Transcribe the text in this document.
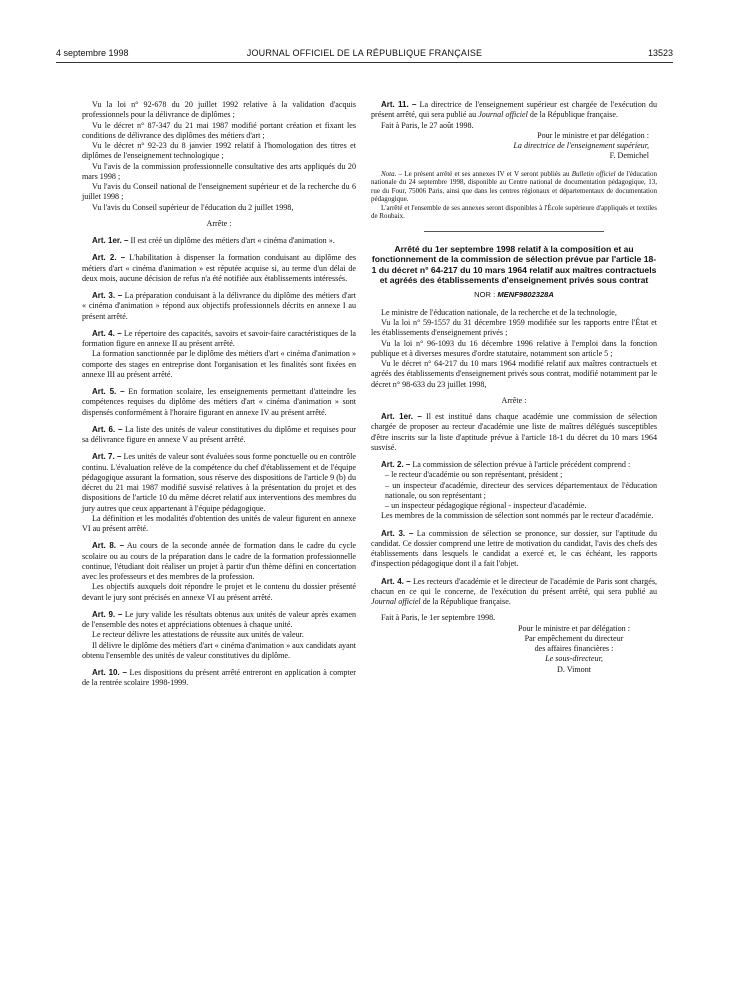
4 septembre 1998	JOURNAL OFFICIEL DE LA RÉPUBLIQUE FRANÇAISE	13523

Vu la loi n° 92-678 du 20 juillet 1992 relative à la validation d'acquis professionnels pour la délivrance de diplômes ;

Vu le décret n° 87-347 du 21 mai 1987 modifié portant création et fixant les conditions de délivrance des diplômes des métiers d'art ;

Vu le décret n° 92-23 du 8 janvier 1992 relatif à l'homologation des titres et diplômes de l'enseignement technologique ;

Vu l'avis de la commission professionnelle consultative des arts appliqués du 20 mars 1998 ;

Vu l'avis du Conseil national de l'enseignement supérieur et de la recherche du 6 juillet 1998 ;

Vu l'avis du Conseil supérieur de l'éducation du 2 juillet 1998,

Arrête :

Art. 1er. – Il est créé un diplôme des métiers d'art « cinéma d'animation ».

Art. 2. – L'habilitation à dispenser la formation conduisant au diplôme des métiers d'art « cinéma d'animation » est réputée acquise si, au terme d'un délai de deux mois, aucune décision de refus n'a été notifiée aux établissements intéressés.

Art. 3. – La préparation conduisant à la délivrance du diplôme des métiers d'art « cinéma d'animation » répond aux objectifs professionnels décrits en annexe I au présent arrêté.

Art. 4. – Le répertoire des capacités, savoirs et savoir-faire caractéristiques de la formation figure en annexe II au présent arrêté.

La formation sanctionnée par le diplôme des métiers d'art « cinéma d'animation » comporte des stages en entreprise dont l'organisation et les finalités sont fixées en annexe III au présent arrêté.

Art. 5. – En formation scolaire, les enseignements permettant d'atteindre les compétences requises du diplôme des métiers d'art « cinéma d'animation » sont dispensés conformément à l'horaire figurant en annexe IV au présent arrêté.

Art. 6. – La liste des unités de valeur constitutives du diplôme et requises pour sa délivrance figure en annexe V au présent arrêté.

Art. 7. – Les unités de valeur sont évaluées sous forme ponctuelle ou en contrôle continu. L'évaluation relève de la compétence du chef d'établissement et de l'équipe pédagogique assurant la formation, sous réserve des dispositions de l'article 9 (b) du décret du 21 mai 1987 modifié susvisé relatives à la présentation du projet et des dispositions de l'article 10 du même décret relatif aux interventions des membres du jury autres que ceux appartenant à l'équipe pédagogique.

La définition et les modalités d'obtention des unités de valeur figurent en annexe VI au présent arrêté.

Art. 8. – Au cours de la seconde année de formation dans le cadre du cycle scolaire ou au cours de la préparation dans le cadre de la formation professionnelle continue, l'étudiant doit réaliser un projet à partir d'un thème défini en concertation avec les professeurs et des membres de la profession.

Les objectifs auxquels doit répondre le projet et le contenu du dossier présenté devant le jury sont précisés en annexe VI au présent arrêté.

Art. 9. – Le jury valide les résultats obtenus aux unités de valeur après examen de l'ensemble des notes et appréciations obtenues à chaque unité.

Le recteur délivre les attestations de réussite aux unités de valeur.

Il délivre le diplôme des métiers d'art « cinéma d'animation » aux candidats ayant obtenu l'ensemble des unités de valeur constitutives du diplôme.

Art. 10. – Les dispositions du présent arrêté entreront en application à compter de la rentrée scolaire 1998-1999.

Art. 11. – La directrice de l'enseignement supérieur est chargée de l'exécution du présent arrêté, qui sera publié au Journal officiel de la République française.

Fait à Paris, le 27 août 1998.

Pour le ministre et par délégation :

La directrice de l'enseignement supérieur,

F. Demichel

Nota. – Le présent arrêté et ses annexes IV et V seront publiés au Bulletin officiel de l'éducation nationale du 24 septembre 1998, disponible au Centre national de documentation pédagogique, 13, rue du Four, 75006 Paris, ainsi que dans les centres régionaux et départementaux de documentation pédagogique.

L'arrêté et l'ensemble de ses annexes seront disponibles à l'École supérieure d'appliqués et textiles de Roubaix.

Arrêté du 1er septembre 1998 relatif à la composition et au fonctionnement de la commission de sélection prévue par l'article 18-1 du décret n° 64-217 du 10 mars 1964 relatif aux maîtres contractuels et agréés des établissements d'enseignement privés sous contrat

NOR : MENF9802328A

Le ministre de l'éducation nationale, de la recherche et de la technologie,

Vu la loi n° 59-1557 du 31 décembre 1959 modifiée sur les rapports entre l'État et les établissements d'enseignement privés ;

Vu la loi n° 96-1093 du 16 décembre 1996 relative à l'emploi dans la fonction publique et à diverses mesures d'ordre statutaire, notamment son article 5 ;

Vu le décret n° 64-217 du 10 mars 1964 modifié relatif aux maîtres contractuels et agréés des établissements d'enseignement privés sous contrat, modifié notamment par le décret n° 98-633 du 23 juillet 1998,

Arrête :

Art. 1er. – Il est institué dans chaque académie une commission de sélection chargée de proposer au recteur d'académie une liste de maîtres délégués susceptibles d'être inscrits sur la liste d'aptitude prévue à l'article 18-1 du décret du 10 mars 1964 susvisé.

Art. 2. – La commission de sélection prévue à l'article précédent comprend :

– le recteur d'académie ou son représentant, président ;

– un inspecteur d'académie, directeur des services départementaux de l'éducation nationale, ou son représentant ;

– un inspecteur pédagogique régional - inspecteur d'académie.

Les membres de la commission de sélection sont nommés par le recteur d'académie.

Art. 3. – La commission de sélection se prononce, sur dossier, sur l'aptitude du candidat. Ce dossier comprend une lettre de motivation du candidat, l'avis des chefs des établissements dans lesquels le candidat a exercé et, le cas échéant, les rapports d'inspection pédagogique dont il a fait l'objet.

Art. 4. – Les recteurs d'académie et le directeur de l'académie de Paris sont chargés, chacun en ce qui le concerne, de l'exécution du présent arrêté, qui sera publié au Journal officiel de la République française.

Fait à Paris, le 1er septembre 1998.

Pour le ministre et par délégation :

Par empêchement du directeur

des affaires financières :

Le sous-directeur,

D. Vimont
